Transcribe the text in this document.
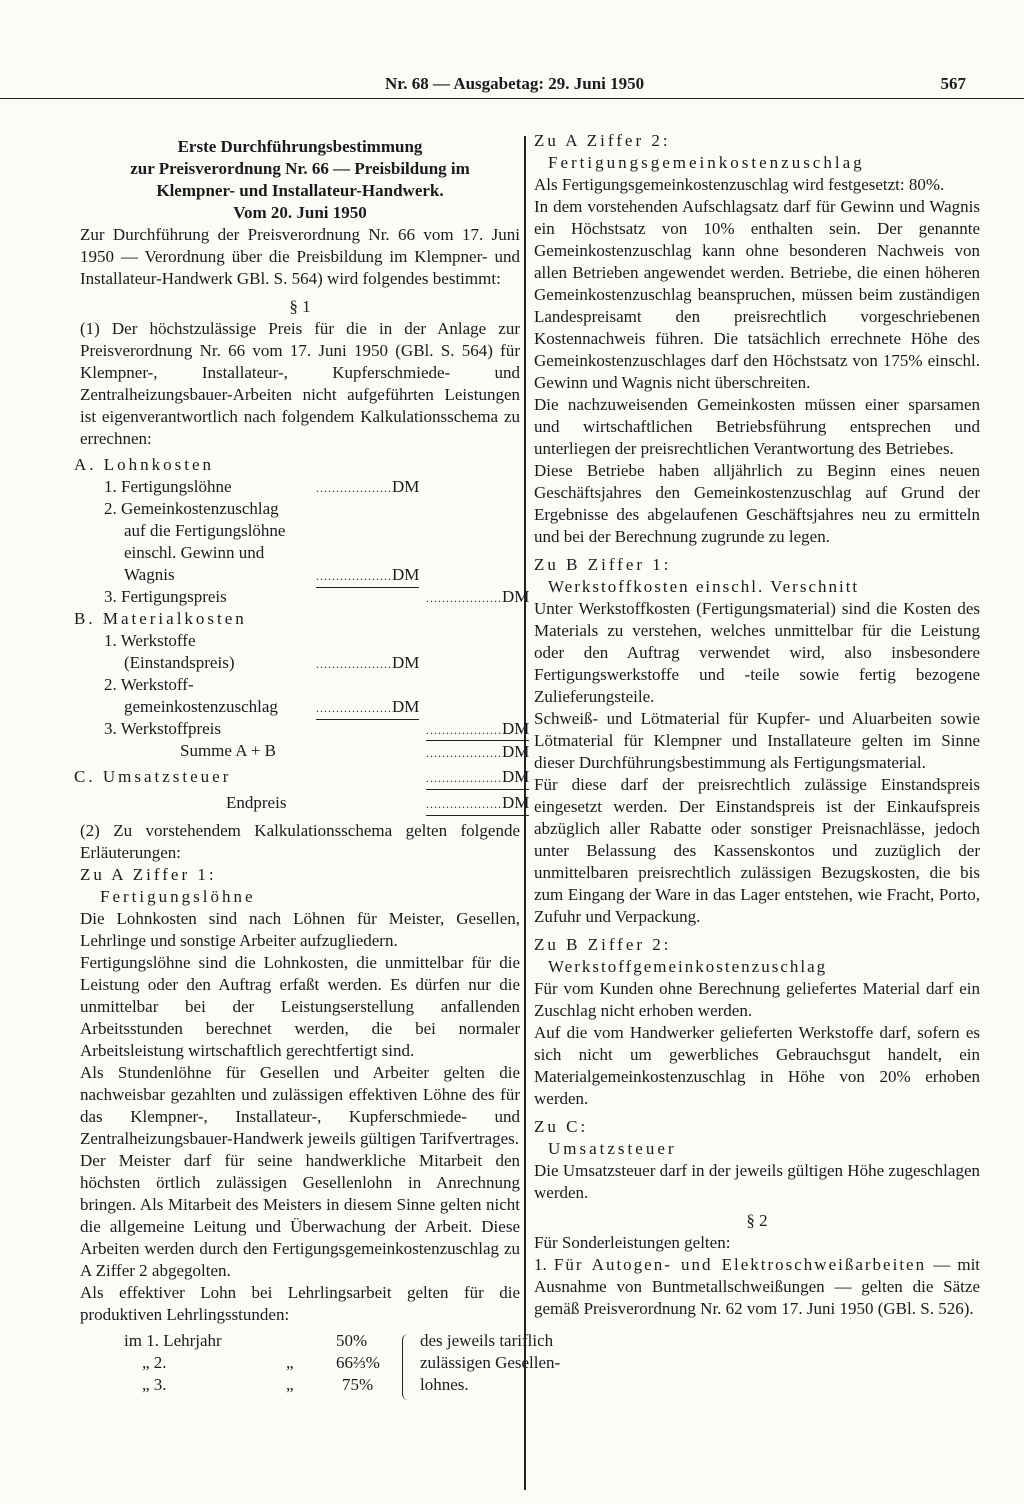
Nr. 68 — Ausgabetag: 29. Juni 1950	567
Erste Durchführungsbestimmung
zur Preisverordnung Nr. 66 — Preisbildung im
Klempner- und Installateur-Handwerk.
Vom 20. Juni 1950

Zur Durchführung der Preisverordnung Nr. 66 vom 17. Juni 1950 — Verordnung über die Preisbildung im Klempner- und Installateur-Handwerk GBl. S. 564) wird folgendes bestimmt:

§ 1

(1) Der höchstzulässige Preis für die in der Anlage zur Preisverordnung Nr. 66 vom 17. Juni 1950 (GBl. S. 564) für Klempner-, Installateur-, Kupferschmiede- und Zentralheizungsbauer-Arbeiten nicht aufgeführten Leistungen ist eigenverantwortlich nach folgendem Kalkulationsschema zu errechnen:

A. Lohnkosten
1. Fertigungslöhne	...................DM
2. Gemeinkostenzuschlag
auf die Fertigungslöhne
einschl. Gewinn und
Wagnis	...................DM
3. Fertigungspreis	...................DM
B. Materialkosten
1. Werkstoffe
(Einstandspreis)	...................DM
2. Werkstoff-
gemeinkostenzuschlag	...................DM
3. Werkstoffpreis	...................DM
Summe A + B	...................DM
C. Umsatzsteuer	...................DM
Endpreis	...................DM

(2) Zu vorstehendem Kalkulationsschema gelten folgende Erläuterungen:

Zu A Ziffer 1:

Fertigungslöhne

Die Lohnkosten sind nach Löhnen für Meister, Gesellen, Lehrlinge und sonstige Arbeiter aufzugliedern.

Fertigungslöhne sind die Lohnkosten, die unmittelbar für die Leistung oder den Auftrag erfaßt werden. Es dürfen nur die unmittelbar bei der Leistungserstellung anfallenden Arbeitsstunden berechnet werden, die bei normaler Arbeitsleistung wirtschaftlich gerechtfertigt sind.

Als Stundenlöhne für Gesellen und Arbeiter gelten die nachweisbar gezahlten und zulässigen effektiven Löhne des für das Klempner-, Installateur-, Kupferschmiede- und Zentralheizungsbauer-Handwerk jeweils gültigen Tarifvertrages.

Der Meister darf für seine handwerkliche Mitarbeit den höchsten örtlich zulässigen Gesellenlohn in Anrechnung bringen. Als Mitarbeit des Meisters in diesem Sinne gelten nicht die allgemeine Leitung und Überwachung der Arbeit. Diese Arbeiten werden durch den Fertigungsgemeinkostenzuschlag zu A Ziffer 2 abgegolten.

Als effektiver Lohn bei Lehrlingsarbeit gelten für die produktiven Lehrlingsstunden:

im 1. Lehrjahr	50%
„ 2.	„ 66⅔%
„ 3.	„	75%
des jeweils tariflich
zulässigen Gesellen-
lohnes.

Zu A Ziffer 2:

Fertigungsgemeinkostenzuschlag

Als Fertigungsgemeinkostenzuschlag wird festgesetzt: 80%.

In dem vorstehenden Aufschlagsatz darf für Gewinn und Wagnis ein Höchstsatz von 10% enthalten sein. Der genannte Gemeinkostenzuschlag kann ohne besonderen Nachweis von allen Betrieben angewendet werden. Betriebe, die einen höheren Gemeinkostenzuschlag beanspruchen, müssen beim zuständigen Landespreisamt den preisrechtlich vorgeschriebenen Kostennachweis führen. Die tatsächlich errechnete Höhe des Gemeinkostenzuschlages darf den Höchstsatz von 175% einschl. Gewinn und Wagnis nicht überschreiten.

Die nachzuweisenden Gemeinkosten müssen einer sparsamen und wirtschaftlichen Betriebsführung entsprechen und unterliegen der preisrechtlichen Verantwortung des Betriebes.

Diese Betriebe haben alljährlich zu Beginn eines neuen Geschäftsjahres den Gemeinkostenzuschlag auf Grund der Ergebnisse des abgelaufenen Geschäftsjahres neu zu ermitteln und bei der Berechnung zugrunde zu legen.

Zu B Ziffer 1:

Werkstoffkosten einschl. Verschnitt

Unter Werkstoffkosten (Fertigungsmaterial) sind die Kosten des Materials zu verstehen, welches unmittelbar für die Leistung oder den Auftrag verwendet wird, also insbesondere Fertigungswerkstoffe und -teile sowie fertig bezogene Zulieferungsteile.

Schweiß- und Lötmaterial für Kupfer- und Aluarbeiten sowie Lötmaterial für Klempner und Installateure gelten im Sinne dieser Durchführungsbestimmung als Fertigungsmaterial.

Für diese darf der preisrechtlich zulässige Einstandspreis eingesetzt werden. Der Einstandspreis ist der Einkaufspreis abzüglich aller Rabatte oder sonstiger Preisnachlässe, jedoch unter Belassung des Kassenskontos und zuzüglich der unmittelbaren preisrechtlich zulässigen Bezugskosten, die bis zum Eingang der Ware in das Lager entstehen, wie Fracht, Porto, Zufuhr und Verpackung.

Zu B Ziffer 2:

Werkstoffgemeinkostenzuschlag

Für vom Kunden ohne Berechnung geliefertes Material darf ein Zuschlag nicht erhoben werden.

Auf die vom Handwerker gelieferten Werkstoffe darf, sofern es sich nicht um gewerbliches Gebrauchsgut handelt, ein Materialgemeinkostenzuschlag in Höhe von 20% erhoben werden.

Zu C:

Umsatzsteuer

Die Umsatzsteuer darf in der jeweils gültigen Höhe zugeschlagen werden.

§ 2

Für Sonderleistungen gelten:

1. Für Autogen- und Elektroschweißarbeiten — mit Ausnahme von Buntmetallschweißungen — gelten die Sätze gemäß Preisverordnung Nr. 62 vom 17. Juni 1950 (GBl. S. 526).
